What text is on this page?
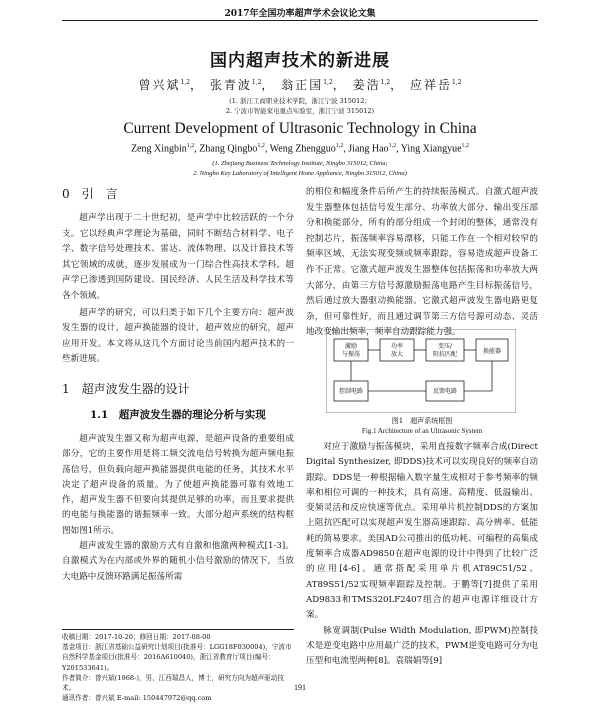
2017年全国功率超声学术会议论文集
国内超声技术的新进展
曾兴斌$^{1,2}$， 张青波$^{1,2}$， 翁正国$^{1,2}$， 姜浩$^{1,2}$， 应祥岳$^{1,2}$
(1. 浙江工商职业技术学院，浙江宁波 315012；
2. 宁波市智能家电重点实验室，浙江宁波 315012)
Current Development of Ultrasonic Technology in China
Zeng Xingbin$^{1,2}$, Zhang Qingbo$^{1,2}$, Weng Zhengguo$^{1,2}$, Jiang Hao$^{1,2}$, Ying Xiangyue$^{1,2}$
(1. Zhejiang Business Technology Institute, Ningbo 315012, China;
2. Ningbo Key Laboratory of Intelligent Home Appliance, Ningbo 315012, China)

0　引　言

超声学出现于二十世纪初，是声学中比较活跃的一个分支。它以经典声学理论为基础，同时不断结合材料学、电子学、数字信号处理技术、雷达、流体物理、以及计算技术等其它领域的成就，逐步发展成为一门综合性高技术学科。超声学已渗透到国防建设、国民经济、人民生活及科学技术等各个领域。

超声学的研究，可以归类于如下几个主要方向：超声波发生器的设计，超声换能器的设计，超声效应的研究，超声应用开发。本文将从这几个方面讨论当前国内超声技术的一些新进展。

1　超声波发生器的设计

1.1　超声波发生器的理论分析与实现

超声波发生器又称为超声电源，是超声设备的重要组成部分，它的主要作用是将工频交流电信号转换为超声频电振荡信号，但负载向超声换能器提供电能的任务，其技术水平决定了超声设备的质量。为了使超声换能器可靠有效地工作，超声发生器不但要向其提供足够的功率，而且要求提供的电能与换能器的谐振频率一致。大部分超声系统的结构框图如图1所示。

超声波发生器的激励方式有自激和他激两种模式[1-3]。自激模式为在内部或外界的随机小信号激励的情况下，当放大电路中反馈环路满足振荡所需

的相位和幅度条件后所产生的持续振荡模式。自激式超声波发生器整体包括信号发生部分、功率放大部分、输出变压部分和换能部分，所有的部分组成一个封闭的整体，通常没有控制芯片，振荡频率容易漂移，只能工作在一个相对较窄的频率区域，无法实现变频或频率跟踪，容易造成超声设备工作不正常。它激式超声波发生器整体包括振荡和功率放大两大部分，由第三方信号源激励振荡电路产生目标振荡信号，然后通过放大器驱动换能器。它激式超声波发生器电路更复杂，但可靠性好，而且通过调节第三方信号源可动态、灵活地改变输出频率，频率自动跟踪能力强。

激励
与振荡
功率
放大
变压/
阻抗匹配	换能器
控制电路	反馈电路
图1　超声系统框图
Fig.1 Architecture of an Ultrasonic System

对应于激励与振荡模块，采用直接数字频率合成(Direct Digital Synthesizer, 即DDS)技术可以实现良好的频率自动跟踪。DDS是一种根据输入数字量生成相对于参考频率的频率和相位可调的一种技术，具有高速、高精度、低温输出、变频灵活和反应快速等优点。采用单片机控制DDS的方案加上阻抗匹配可以实现超声发生器高速跟踪、高分辨率、低能耗的简易要求。美国AD公司推出的低功耗、可编程的高集成度频率合成器AD9850在超声电源的设计中得到了比较广泛的应用[4-6]。通常搭配采用单片机AT89C51/52、AT89S51/52实现频率跟踪及控制。于鹏等[7]提供了采用AD9833和TMS320LF2407组合的超声电源详细设计方案。

脉宽调制(Pulse Width Modulation, 即PWM)控制技术是逆变电路中应用最广泛的技术，PWM逆变电路可分为电压型和电流型两种[8]。袁瑞娟等[9]

收稿日期：2017-10-20；修回日期：2017-08-00

基金项目：浙江省基础公益研究计划项目(批准号：LGG18F030004)，宁波市自然科学基金项目(批准号：2016A610040)，浙江省教育厅项目(编号：Y201533641)。

作者简介：曾兴斌(1968-)，男，江西瑞昌人，博士，研究方向为超声驱动技术。

通讯作者：曾兴斌 E-mail: 150447972@qq.com

191
